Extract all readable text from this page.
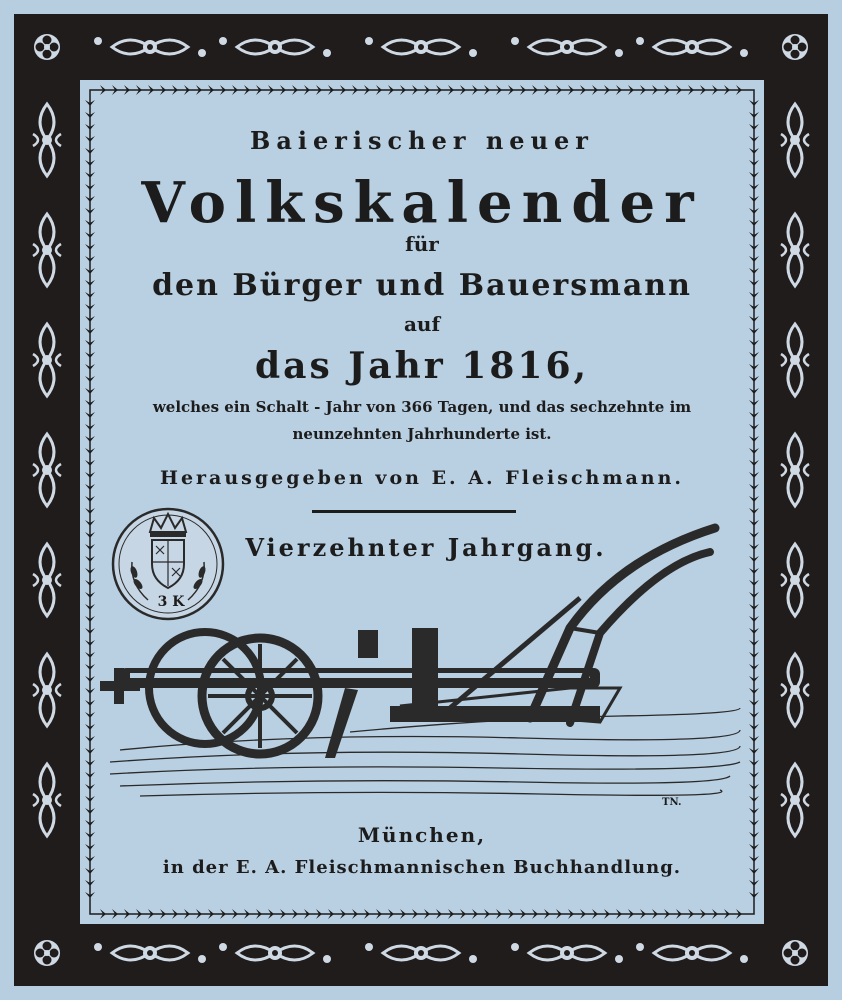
Baierischer neuer

Volkskalender

für

den Bürger und Bauersmann

auf

das Jahr 1816,

welches ein Schalt - Jahr von 366 Tagen, und das sechzehnte im

neunzehnten Jahrhunderte ist.

Herausgegeben von E. A. Fleischmann.

Vierzehnter Jahrgang.

3 K

TN.

München,

in der E. A. Fleischmannischen Buchhandlung.
